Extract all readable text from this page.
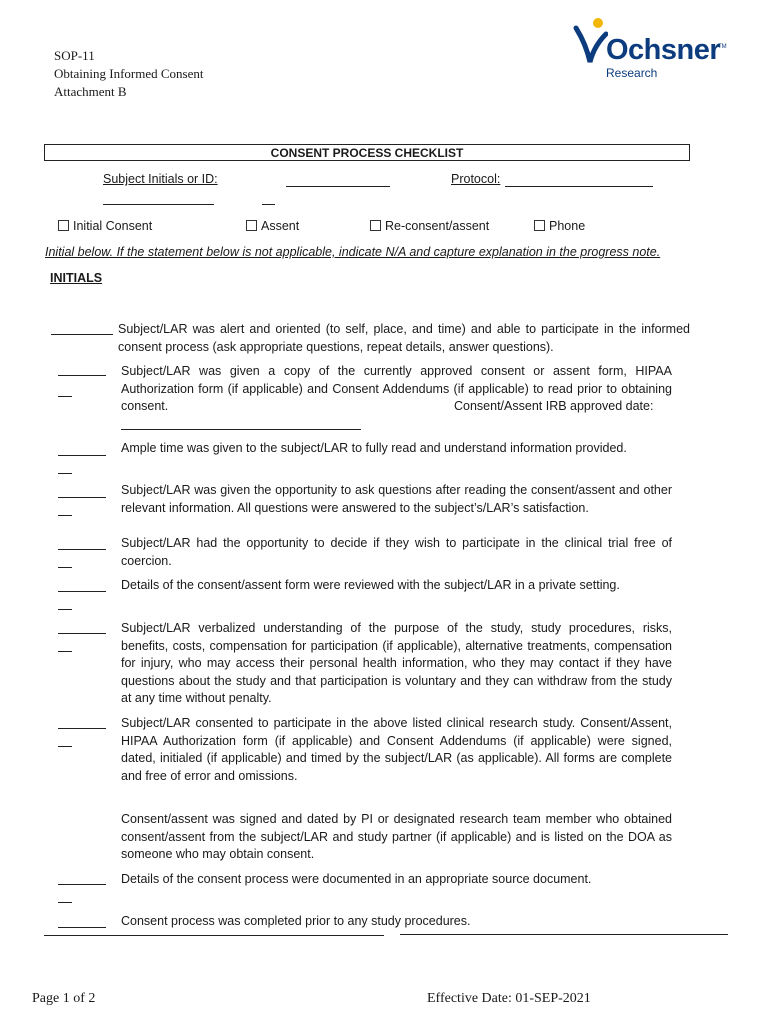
SOP-11
Obtaining Informed Consent
Attachment B
Ochsner
TM
Research
CONSENT PROCESS CHECKLIST
Subject Initials or ID:	Protocol:
Initial Consent	Assent	Re-consent/assent	Phone
Initial below. If the statement below is not applicable, indicate N/A and capture explanation in the progress note.
INITIALS
Subject/LAR was alert and oriented (to self, place, and time) and able to participate in the informed consent process (ask appropriate questions, repeat details, answer questions).
Subject/LAR was given a copy of the currently approved consent or assent form, HIPAA Authorization form (if applicable) and Consent Addendums (if applicable) to read prior to obtaining consent.	Consent/Assent IRB approved date:
Ample time was given to the subject/LAR to fully read and understand information provided.
Subject/LAR was given the opportunity to ask questions after reading the consent/assent and other relevant information. All questions were answered to the subject’s/LAR’s satisfaction.
Subject/LAR had the opportunity to decide if they wish to participate in the clinical trial free of coercion.
Details of the consent/assent form were reviewed with the subject/LAR in a private setting.
Subject/LAR verbalized understanding of the purpose of the study, study procedures, risks, benefits, costs, compensation for participation (if applicable), alternative treatments, compensation for injury, who may access their personal health information, who they may contact if they have questions about the study and that participation is voluntary and they can withdraw from the study at any time without penalty.
Subject/LAR consented to participate in the above listed clinical research study. Consent/Assent, HIPAA Authorization form (if applicable) and Consent Addendums (if applicable) were signed, dated, initialed (if applicable) and timed by the subject/LAR (as applicable). All forms are complete and free of error and omissions.
Consent/assent was signed and dated by PI or designated research team member who obtained consent/assent from the subject/LAR and study partner (if applicable) and is listed on the DOA as someone who may obtain consent.
Details of the consent process were documented in an appropriate source document.
Consent process was completed prior to any study procedures.
Page 1 of 2	Effective Date: 01-SEP-2021
